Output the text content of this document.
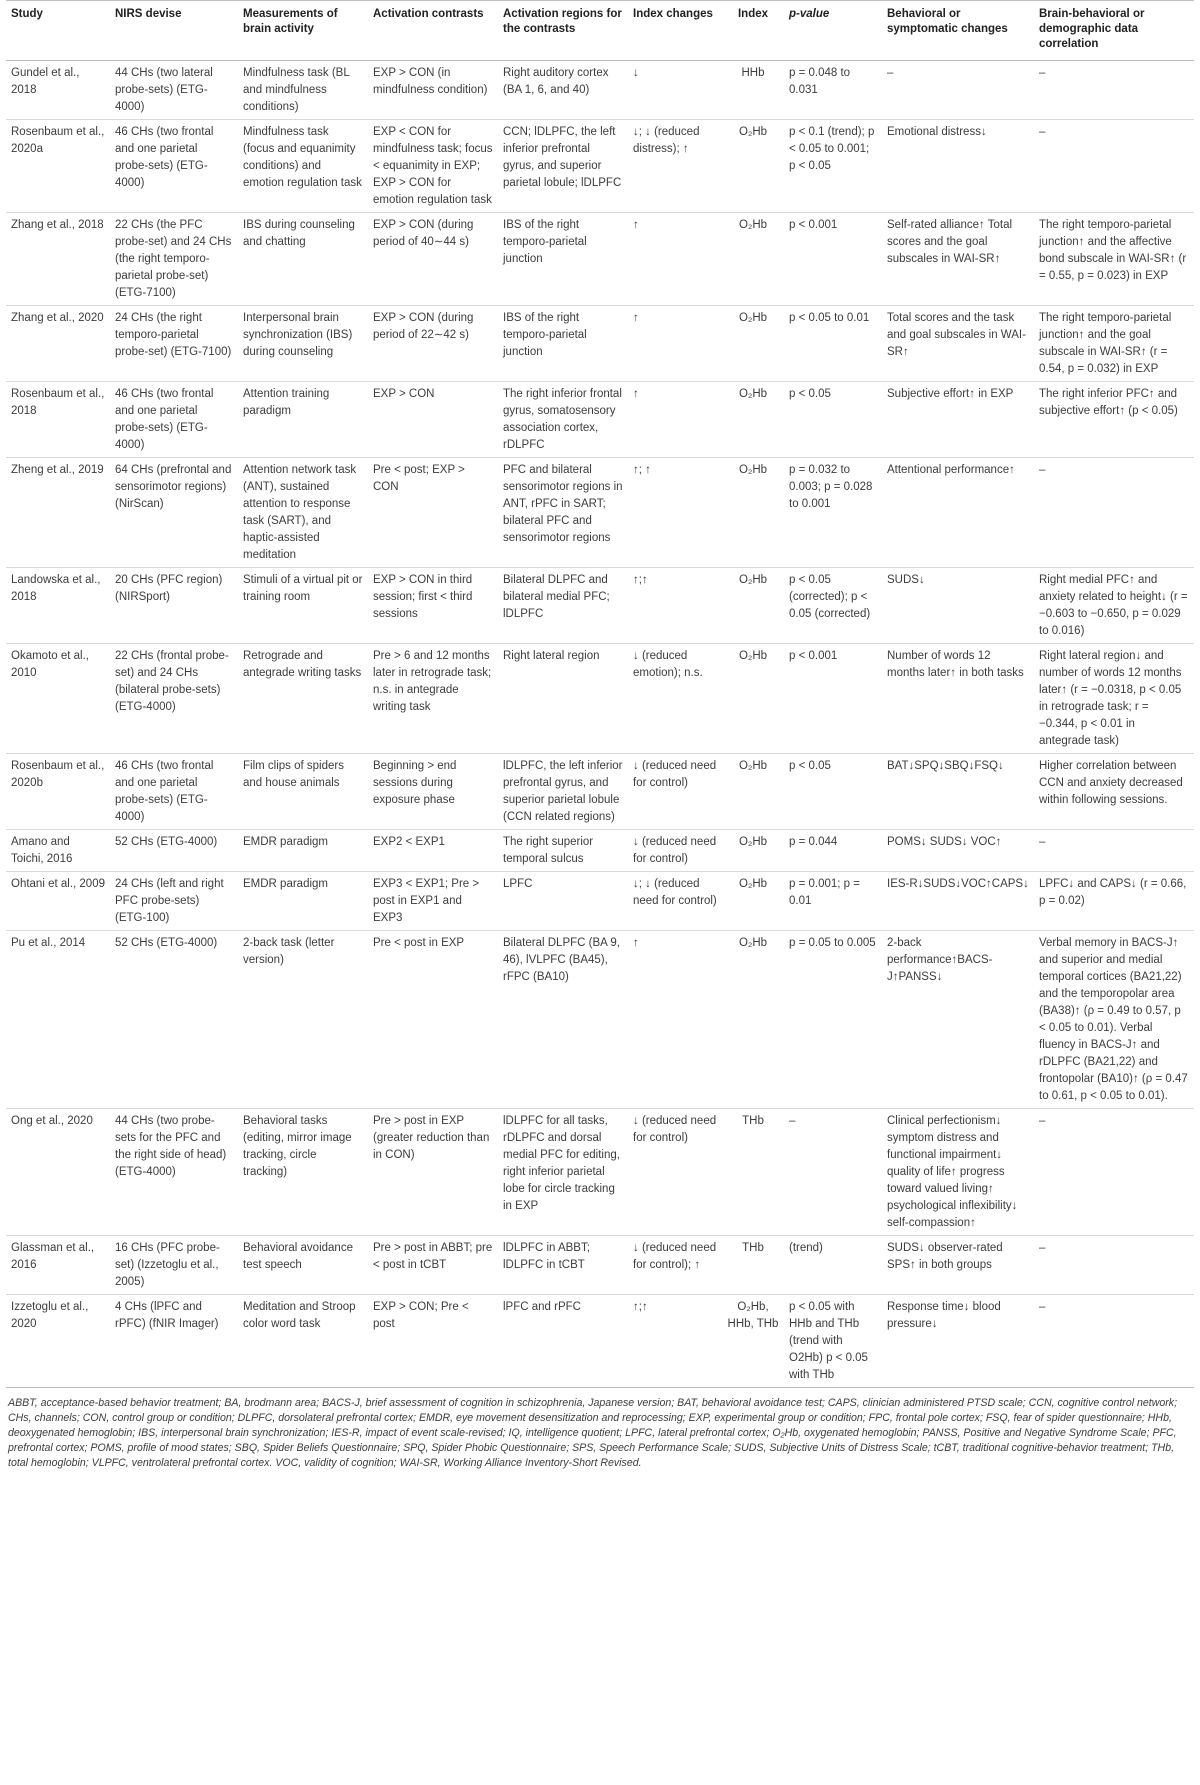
Study	NIRS devise	Measurements of brain activity	Activation contrasts	Activation regions for the contrasts	Index changes	Index	p-value	Behavioral or symptomatic changes	Brain-behavioral or demographic data correlation
Gundel et al., 2018	44 CHs (two lateral probe-sets) (ETG-4000)	Mindfulness task (BL and mindfulness conditions)	EXP > CON (in mindfulness condition)	Right auditory cortex (BA 1, 6, and 40)	↓	HHb	p = 0.048 to 0.031	–	–
Rosenbaum et al., 2020a	46 CHs (two frontal and one parietal probe-sets) (ETG-4000)	Mindfulness task (focus and equanimity conditions) and emotion regulation task	EXP < CON for mindfulness task; focus < equanimity in EXP; EXP > CON for emotion regulation task	CCN; lDLPFC, the left inferior prefrontal gyrus, and superior parietal lobule; lDLPFC	↓; ↓ (reduced distress); ↑	O₂Hb	p < 0.1 (trend); p < 0.05 to 0.001; p < 0.05	Emotional distress↓	–
Zhang et al., 2018	22 CHs (the PFC probe-set) and 24 CHs (the right temporo-parietal probe-set) (ETG-7100)	IBS during counseling and chatting	EXP > CON (during period of 40∼44 s)	IBS of the right temporo-parietal junction	↑	O₂Hb	p < 0.001	Self-rated alliance↑ Total scores and the goal subscales in WAI-SR↑	The right temporo-parietal junction↑ and the affective bond subscale in WAI-SR↑ (r = 0.55, p = 0.023) in EXP
Zhang et al., 2020	24 CHs (the right temporo-parietal probe-set) (ETG-7100)	Interpersonal brain synchronization (IBS) during counseling	EXP > CON (during period of 22∼42 s)	IBS of the right temporo-parietal junction	↑	O₂Hb	p < 0.05 to 0.01	Total scores and the task and goal subscales in WAI-SR↑	The right temporo-parietal junction↑ and the goal subscale in WAI-SR↑ (r = 0.54, p = 0.032) in EXP
Rosenbaum et al., 2018	46 CHs (two frontal and one parietal probe-sets) (ETG-4000)	Attention training paradigm	EXP > CON	The right inferior frontal gyrus, somatosensory association cortex, rDLPFC	↑	O₂Hb	p < 0.05	Subjective effort↑ in EXP	The right inferior PFC↑ and subjective effort↑ (p < 0.05)
Zheng et al., 2019	64 CHs (prefrontal and sensorimotor regions) (NirScan)	Attention network task (ANT), sustained attention to response task (SART), and haptic-assisted meditation	Pre < post; EXP > CON	PFC and bilateral sensorimotor regions in ANT, rPFC in SART; bilateral PFC and sensorimotor regions	↑; ↑	O₂Hb	p = 0.032 to 0.003; p = 0.028 to 0.001	Attentional performance↑	–
Landowska et al., 2018	20 CHs (PFC region) (NIRSport)	Stimuli of a virtual pit or training room	EXP > CON in third session; first < third sessions	Bilateral DLPFC and bilateral medial PFC; lDLPFC	↑;↑	O₂Hb	p < 0.05 (corrected); p < 0.05 (corrected)	SUDS↓	Right medial PFC↑ and anxiety related to height↓ (r = −0.603 to −0.650, p = 0.029 to 0.016)
Okamoto et al., 2010	22 CHs (frontal probe-set) and 24 CHs (bilateral probe-sets) (ETG-4000)	Retrograde and antegrade writing tasks	Pre > 6 and 12 months later in retrograde task; n.s. in antegrade writing task	Right lateral region	↓ (reduced emotion); n.s.	O₂Hb	p < 0.001	Number of words 12 months later↑ in both tasks	Right lateral region↓ and number of words 12 months later↑ (r = −0.0318, p < 0.05 in retrograde task; r = −0.344, p < 0.01 in antegrade task)
Rosenbaum et al., 2020b	46 CHs (two frontal and one parietal probe-sets) (ETG-4000)	Film clips of spiders and house animals	Beginning > end sessions during exposure phase	lDLPFC, the left inferior prefrontal gyrus, and superior parietal lobule (CCN related regions)	↓ (reduced need for control)	O₂Hb	p < 0.05	BAT↓SPQ↓SBQ↓FSQ↓	Higher correlation between CCN and anxiety decreased within following sessions.
Amano and Toichi, 2016	52 CHs (ETG-4000)	EMDR paradigm	EXP2 < EXP1	The right superior temporal sulcus	↓ (reduced need for control)	O₂Hb	p = 0.044	POMS↓ SUDS↓ VOC↑	–
Ohtani et al., 2009	24 CHs (left and right PFC probe-sets) (ETG-100)	EMDR paradigm	EXP3 < EXP1; Pre > post in EXP1 and EXP3	LPFC	↓; ↓ (reduced need for control)	O₂Hb	p = 0.001; p = 0.01	IES-R↓SUDS↓VOC↑CAPS↓	LPFC↓ and CAPS↓ (r = 0.66, p = 0.02)
Pu et al., 2014	52 CHs (ETG-4000)	2-back task (letter version)	Pre < post in EXP	Bilateral DLPFC (BA 9, 46), lVLPFC (BA45), rFPC (BA10)	↑	O₂Hb	p = 0.05 to 0.005	2-back performance↑BACS-J↑PANSS↓	Verbal memory in BACS-J↑ and superior and medial temporal cortices (BA21,22) and the temporopolar area (BA38)↑ (ρ = 0.49 to 0.57, p < 0.05 to 0.01). Verbal fluency in BACS-J↑ and rDLPFC (BA21,22) and frontopolar (BA10)↑ (ρ = 0.47 to 0.61, p < 0.05 to 0.01).
Ong et al., 2020	44 CHs (two probe-sets for the PFC and the right side of head) (ETG-4000)	Behavioral tasks (editing, mirror image tracking, circle tracking)	Pre > post in EXP (greater reduction than in CON)	lDLPFC for all tasks, rDLPFC and dorsal medial PFC for editing, right inferior parietal lobe for circle tracking in EXP	↓ (reduced need for control)	THb	–	Clinical perfectionism↓ symptom distress and functional impairment↓ quality of life↑ progress toward valued living↑ psychological inflexibility↓ self-compassion↑	–
Glassman et al., 2016	16 CHs (PFC probe-set) (Izzetoglu et al., 2005)	Behavioral avoidance test speech	Pre > post in ABBT; pre < post in tCBT	lDLPFC in ABBT; lDLPFC in tCBT	↓ (reduced need for control); ↑	THb	(trend)	SUDS↓ observer-rated SPS↑ in both groups	–
Izzetoglu et al., 2020	4 CHs (lPFC and rPFC) (fNIR Imager)	Meditation and Stroop color word task	EXP > CON; Pre < post	lPFC and rPFC	↑;↑	O₂Hb, HHb, THb	p < 0.05 with HHb and THb (trend with O2Hb) p < 0.05 with THb	Response time↓ blood pressure↓	–
ABBT, acceptance-based behavior treatment; BA, brodmann area; BACS-J, brief assessment of cognition in schizophrenia, Japanese version; BAT, behavioral avoidance test; CAPS, clinician administered PTSD scale; CCN, cognitive control network; CHs, channels; CON, control group or condition; DLPFC, dorsolateral prefrontal cortex; EMDR, eye movement desensitization and reprocessing; EXP, experimental group or condition; FPC, frontal pole cortex; FSQ, fear of spider questionnaire; HHb, deoxygenated hemoglobin; IBS, interpersonal brain synchronization; IES-R, impact of event scale-revised; IQ, intelligence quotient; LPFC, lateral prefrontal cortex; O₂Hb, oxygenated hemoglobin; PANSS, Positive and Negative Syndrome Scale; PFC, prefrontal cortex; POMS, profile of mood states; SBQ, Spider Beliefs Questionnaire; SPQ, Spider Phobic Questionnaire; SPS, Speech Performance Scale; SUDS, Subjective Units of Distress Scale; tCBT, traditional cognitive-behavior treatment; THb, total hemoglobin; VLPFC, ventrolateral prefrontal cortex. VOC, validity of cognition; WAI-SR, Working Alliance Inventory-Short Revised.
